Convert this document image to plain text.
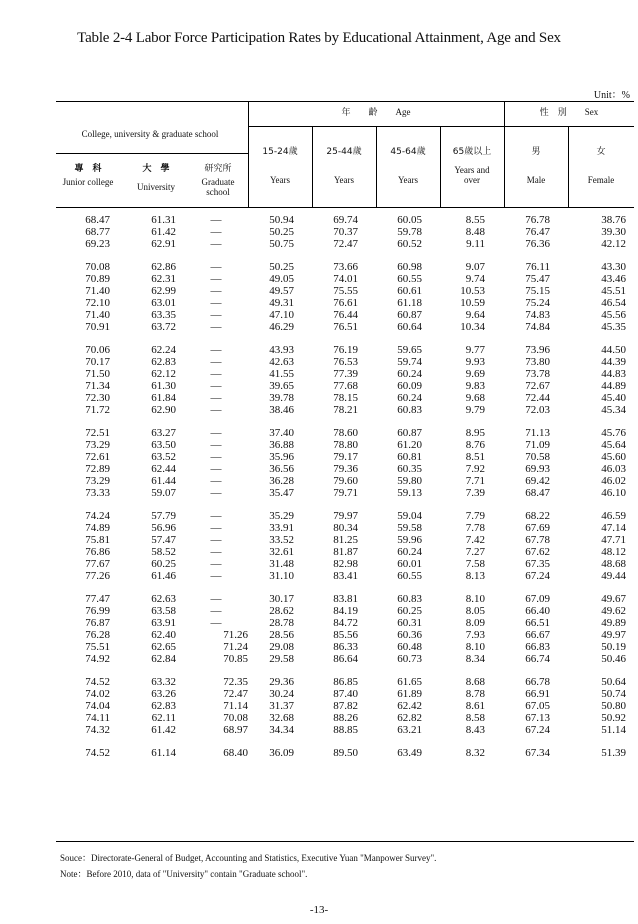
Table 2-4 Labor Force Participation Rates by Educational Attainment, Age and Sex
Unit：%
年　　齡 Age	性　別 Sex
College, university & graduate school
專　科
Junior college
大　學
University
研究所
Graduate school
15-24歲
Years
25-44歲
Years
45-64歲
Years
65歲以上
Years and over
男
Male
女
Female
68.47	61.31	—	50.94	69.74	60.05	8.55	76.78	38.76
68.77	61.42	—	50.25	70.37	59.78	8.48	76.47	39.30
69.23	62.91	—	50.75	72.47	60.52	9.11	76.36	42.12

70.08	62.86	—	50.25	73.66	60.98	9.07	76.11	43.30
70.89	62.31	—	49.05	74.01	60.55	9.74	75.47	43.46
71.40	62.99	—	49.57	75.55	60.61	10.53	75.15	45.51
72.10	63.01	—	49.31	76.61	61.18	10.59	75.24	46.54
71.40	63.35	—	47.10	76.44	60.87	9.64	74.83	45.56
70.91	63.72	—	46.29	76.51	60.64	10.34	74.84	45.35

70.06	62.24	—	43.93	76.19	59.65	9.77	73.96	44.50
70.17	62.83	—	42.63	76.53	59.74	9.93	73.80	44.39
71.50	62.12	—	41.55	77.39	60.24	9.69	73.78	44.83
71.34	61.30	—	39.65	77.68	60.09	9.83	72.67	44.89
72.30	61.84	—	39.78	78.15	60.24	9.68	72.44	45.40
71.72	62.90	—	38.46	78.21	60.83	9.79	72.03	45.34

72.51	63.27	—	37.40	78.60	60.87	8.95	71.13	45.76
73.29	63.50	—	36.88	78.80	61.20	8.76	71.09	45.64
72.61	63.52	—	35.96	79.17	60.81	8.51	70.58	45.60
72.89	62.44	—	36.56	79.36	60.35	7.92	69.93	46.03
73.29	61.44	—	36.28	79.60	59.80	7.71	69.42	46.02
73.33	59.07	—	35.47	79.71	59.13	7.39	68.47	46.10

74.24	57.79	—	35.29	79.97	59.04	7.79	68.22	46.59
74.89	56.96	—	33.91	80.34	59.58	7.78	67.69	47.14
75.81	57.47	—	33.52	81.25	59.96	7.42	67.78	47.71
76.86	58.52	—	32.61	81.87	60.24	7.27	67.62	48.12
77.67	60.25	—	31.48	82.98	60.01	7.58	67.35	48.68
77.26	61.46	—	31.10	83.41	60.55	8.13	67.24	49.44

77.47	62.63	—	30.17	83.81	60.83	8.10	67.09	49.67
76.99	63.58	—	28.62	84.19	60.25	8.05	66.40	49.62
76.87	63.91	—	28.78	84.72	60.31	8.09	66.51	49.89
76.28	62.40	71.26	28.56	85.56	60.36	7.93	66.67	49.97
75.51	62.65	71.24	29.08	86.33	60.48	8.10	66.83	50.19
74.92	62.84	70.85	29.58	86.64	60.73	8.34	66.74	50.46

74.52	63.32	72.35	29.36	86.85	61.65	8.68	66.78	50.64
74.02	63.26	72.47	30.24	87.40	61.89	8.78	66.91	50.74
74.04	62.83	71.14	31.37	87.82	62.42	8.61	67.05	50.80
74.11	62.11	70.08	32.68	88.26	62.82	8.58	67.13	50.92
74.32	61.42	68.97	34.34	88.85	63.21	8.43	67.24	51.14

74.52	61.14	68.40	36.09	89.50	63.49	8.32	67.34	51.39
Souce：Directorate-General of Budget, Accounting and Statistics, Executive Yuan "Manpower Survey".
Note：Before 2010, data of "University" contain "Graduate school".
-13-
